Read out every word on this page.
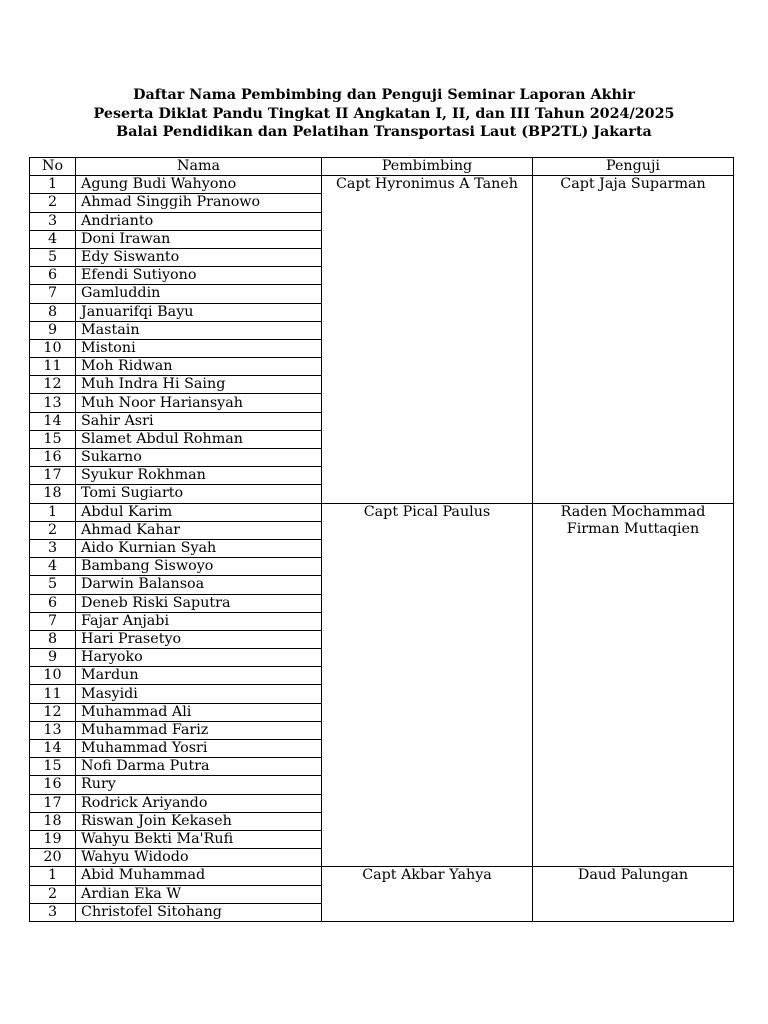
Daftar Nama Pembimbing dan Penguji Seminar Laporan Akhir
Peserta Diklat Pandu Tingkat II Angkatan I, II, dan III Tahun 2024/2025
Balai Pendidikan dan Pelatihan Transportasi Laut (BP2TL) Jakarta
No	Nama	Pembimbing	Penguji
1	Agung Budi Wahyono	Capt Hyronimus A Taneh	Capt Jaja Suparman
2	Ahmad Singgih Pranowo		
3	Andrianto		
4	Doni Irawan		
5	Edy Siswanto		
6	Efendi Sutiyono		
7	Gamluddin		
8	Januarifqi Bayu		
9	Mastain		
10	Mistoni		
11	Moh Ridwan		
12	Muh Indra Hi Saing		
13	Muh Noor Hariansyah		
14	Sahir Asri		
15	Slamet Abdul Rohman		
16	Sukarno		
17	Syukur Rokhman		
18	Tomi Sugiarto		
1	Abdul Karim	Capt Pical Paulus	Raden Mochammad Firman Muttaqien
2	Ahmad Kahar		
3	Aido Kurnian Syah		
4	Bambang Siswoyo		
5	Darwin Balansoa		
6	Deneb Riski Saputra		
7	Fajar Anjabi		
8	Hari Prasetyo		
9	Haryoko		
10	Mardun		
11	Masyidi		
12	Muhammad Ali		
13	Muhammad Fariz		
14	Muhammad Yosri		
15	Nofi Darma Putra		
16	Rury		
17	Rodrick Ariyando		
18	Riswan Join Kekaseh		
19	Wahyu Bekti Ma'Rufi		
20	Wahyu Widodo		
1	Abid Muhammad	Capt Akbar Yahya	Daud Palungan
2	Ardian Eka W		
3	Christofel Sitohang		
